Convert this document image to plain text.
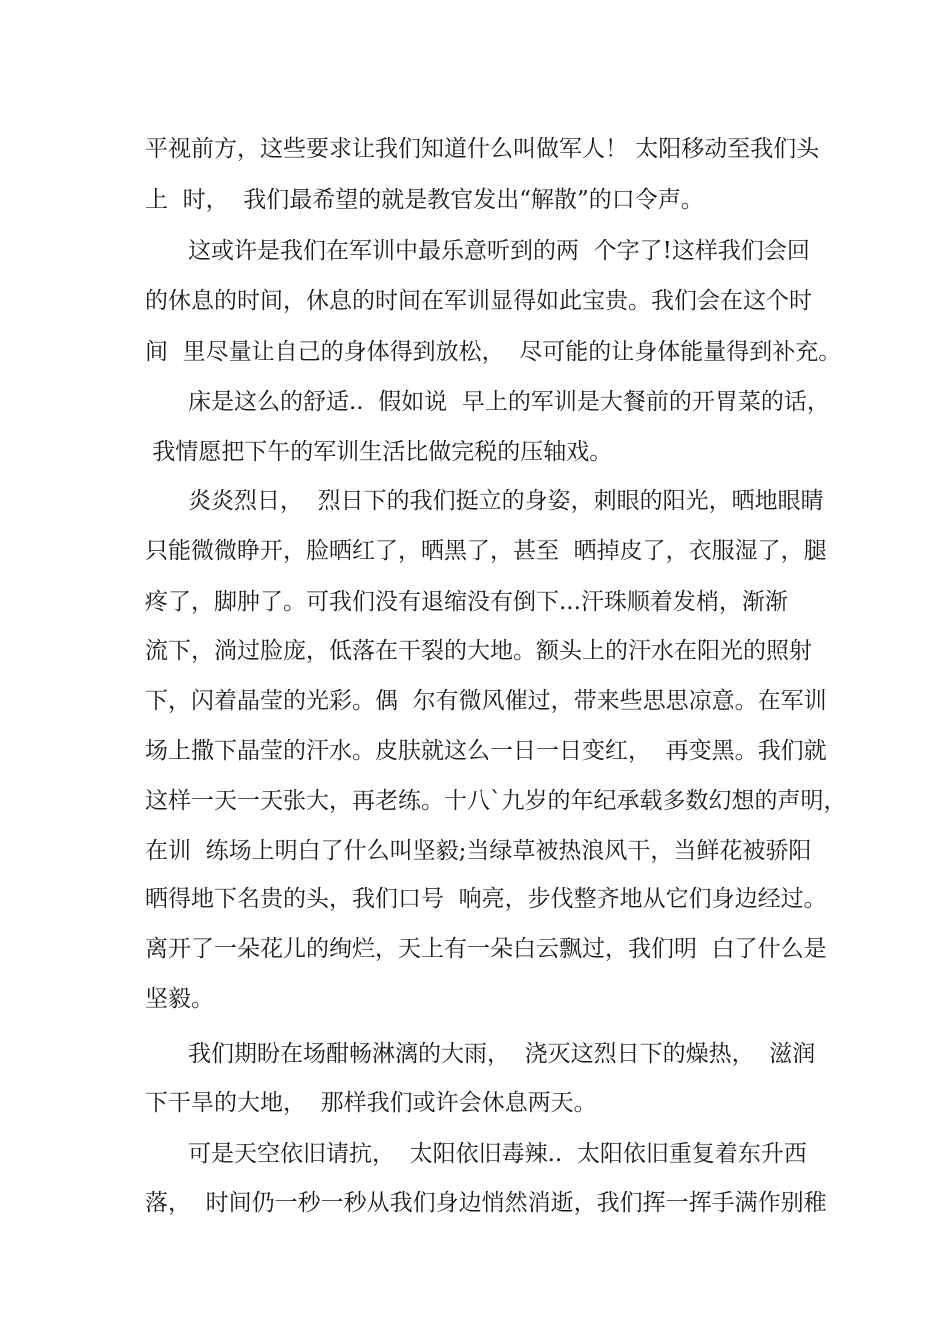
平视前方，这些要求让我们知道什么叫做军人！ 太阳移动至我们头
上  时，  我们最希望的就是教官发出“解散”的口令声。
这或许是我们在军训中最乐意听到的两  个字了!这样我们会回
的休息的时间，休息的时间在军训显得如此宝贵。我们会在这个时
间  里尽量让自己的身体得到放松，  尽可能的让身体能量得到补充。
床是这么的舒适..  假如说  早上的军训是大餐前的开胃菜的话，
我情愿把下午的军训生活比做完税的压轴戏。
炎炎烈日，  烈日下的我们挺立的身姿，刺眼的阳光，晒地眼睛
只能微微睁开，脸晒红了，晒黑了，甚至  晒掉皮了，衣服湿了，腿
疼了，脚肿了。可我们没有退缩没有倒下...汗珠顺着发梢，渐渐
流下，淌过脸庞，低落在干裂的大地。额头上的汗水在阳光的照射
下，闪着晶莹的光彩。偶  尔有微风催过，带来些思思凉意。在军训
场上撒下晶莹的汗水。皮肤就这么一日一日变红，  再变黑。我们就
这样一天一天张大，再老练。十八`九岁的年纪承载多数幻想的声明，
在训  练场上明白了什么叫坚毅;当绿草被热浪风干，当鲜花被骄阳
晒得地下名贵的头，我们口号  响亮，步伐整齐地从它们身边经过。
离开了一朵花儿的绚烂，天上有一朵白云飘过，我们明  白了什么是
坚毅。
我们期盼在场酣畅淋漓的大雨，  浇灭这烈日下的燥热，  滋润
下干旱的大地，  那样我们或许会休息两天。
可是天空依旧请抗，  太阳依旧毒辣..  太阳依旧重复着东升西
落，  时间仍一秒一秒从我们身边悄然消逝，我们挥一挥手满作别稚
